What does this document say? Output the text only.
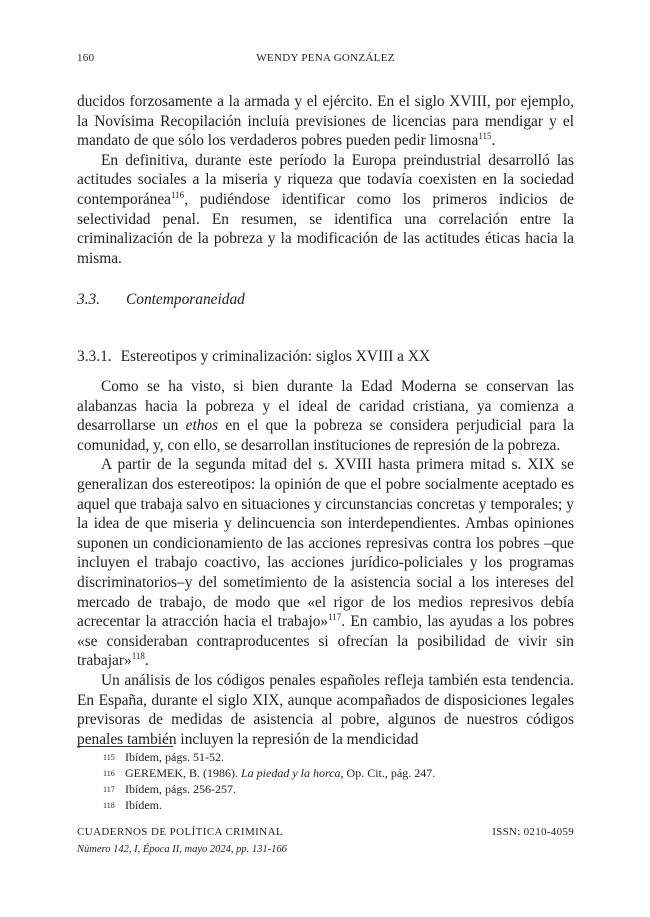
160	WENDY PENA GONZÁLEZ

ducidos forzosamente a la armada y el ejército. En el siglo XVIII, por ejemplo, la Novísima Recopilación incluía previsiones de licencias para mendigar y el mandato de que sólo los verdaderos pobres pueden pedir limosna$^{115}$.

En definitiva, durante este período la Europa preindustrial desarrolló las actitudes sociales a la miseria y riqueza que todavía coexisten en la sociedad contemporánea$^{116}$, pudiéndose identificar como los primeros indicios de selectividad penal. En resumen, se identifica una correlación entre la criminalización de la pobreza y la modificación de las actitudes éticas hacia la misma.

3.3. Contemporaneidad
3.3.1. Estereotipos y criminalización: siglos XVIII a XX

Como se ha visto, si bien durante la Edad Moderna se conservan las alabanzas hacia la pobreza y el ideal de caridad cristiana, ya comienza a desarrollarse un ethos en el que la pobreza se considera perjudicial para la comunidad, y, con ello, se desarrollan instituciones de represión de la pobreza.

A partir de la segunda mitad del s. XVIII hasta primera mitad s. XIX se generalizan dos estereotipos: la opinión de que el pobre socialmente aceptado es aquel que trabaja salvo en situaciones y circunstancias concretas y temporales; y la idea de que miseria y delincuencia son interdependientes. Ambas opiniones suponen un condicionamiento de las acciones represivas contra los pobres –que incluyen el trabajo coactivo, las acciones jurídico-policiales y los programas discriminatorios–y del sometimiento de la asistencia social a los intereses del mercado de trabajo, de modo que «el rigor de los medios represivos debía acrecentar la atracción hacia el trabajo»$^{117}$. En cambio, las ayudas a los pobres «se consideraban contraproducentes si ofrecían la posibilidad de vivir sin trabajar»$^{118}$.

Un análisis de los códigos penales españoles refleja también esta tendencia. En España, durante el siglo XIX, aunque acompañados de disposiciones legales previsoras de medidas de asistencia al pobre, algunos de nuestros códigos penales también incluyen la represión de la mendicidad

115 Ibídem, págs. 51-52.
116 GEREMEK, B. (1986). La piedad y la horca, Op. Cit., pág. 247.
117 Ibídem, págs. 256-257.
118 Ibídem.
CUADERNOS DE POLÍTICA CRIMINAL	ISSN: 0210-4059
Número 142, I, Época II, mayo 2024, pp. 131-166
